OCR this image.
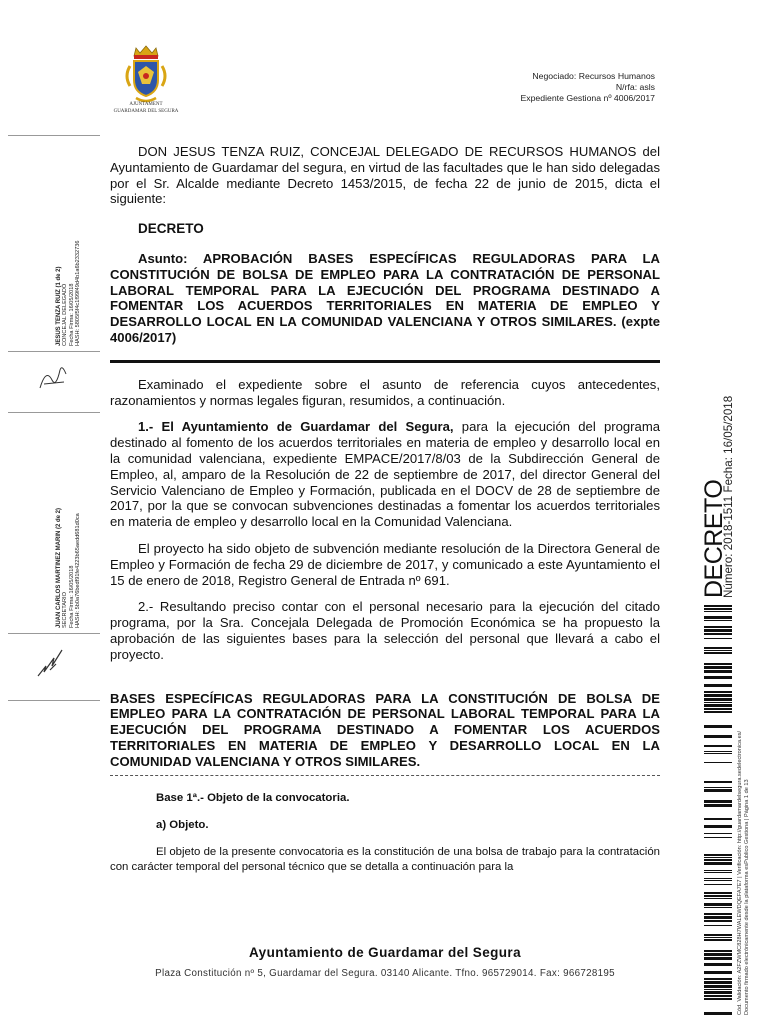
AJUNTAMENT
GUARDAMAR DEL SEGURA
Negociado: Recursos Humanos
N/rfa: asls
Expediente Gestiona nº 4006/2017

DON JESUS TENZA RUIZ, CONCEJAL DELEGADO DE RECURSOS HUMANOS del Ayuntamiento de Guardamar del segura, en virtud de las facultades que le han sido delegadas por el Sr. Alcalde mediante Decreto 1453/2015, de fecha 22 de junio de 2015, dicta el siguiente:

DECRETO

Asunto: APROBACIÓN BASES ESPECÍFICAS REGULADORAS PARA LA CONSTITUCIÓN DE BOLSA DE EMPLEO PARA LA CONTRATACIÓN DE PERSONAL LABORAL TEMPORAL PARA LA EJECUCIÓN DEL PROGRAMA DESTINADO A FOMENTAR LOS ACUERDOS TERRITORIALES EN MATERIA DE EMPLEO Y DESARROLLO LOCAL EN LA COMUNIDAD VALENCIANA Y OTROS SIMILARES. (expte 4006/2017)

Examinado el expediente sobre el asunto de referencia cuyos antecedentes, razonamientos y normas legales figuran, resumidos, a continuación.

1.- El Ayuntamiento de Guardamar del Segura, para la ejecución del programa destinado al fomento de los acuerdos territoriales en materia de empleo y desarrollo local en la comunidad valenciana, expediente EMPACE/2017/8/03 de la Subdirección General de Empleo, al, amparo de la Resolución de 22 de septiembre de 2017, del director General del Servicio Valenciano de Empleo y Formación, publicada en el DOCV de 28 de septiembre de 2017, por la que se convocan subvenciones destinadas a fomentar los acuerdos territoriales en materia de empleo y desarrollo local en la Comunidad Valenciana.

El proyecto ha sido objeto de subvención mediante resolución de la Directora General de Empleo y Formación de fecha 29 de diciembre de 2017, y comunicado a este Ayuntamiento el 15 de enero de 2018, Registro General de Entrada nº 691.

2.- Resultando preciso contar con el personal necesario para la ejecución del citado programa, por la Sra. Concejala Delegada de Promoción Económica se ha propuesto la aprobación de las siguientes bases para la selección del personal que llevará a cabo el proyecto.

BASES ESPECÍFICAS REGULADORAS PARA LA CONSTITUCIÓN DE BOLSA DE EMPLEO PARA LA CONTRATACIÓN DE PERSONAL LABORAL TEMPORAL PARA LA EJECUCIÓN DEL PROGRAMA DESTINADO A FOMENTAR LOS ACUERDOS TERRITORIALES EN MATERIA DE EMPLEO Y DESARROLLO LOCAL EN LA COMUNIDAD VALENCIANA Y OTROS SIMILARES.

Base 1ª.- Objeto de la convocatoria.

a) Objeto.

El objeto de la presente convocatoria es la constitución de una bolsa de trabajo para la contratación con carácter temporal del personal técnico que se detalla a continuación para la

Ayuntamiento de Guardamar del Segura
Plaza Constitución nº 5, Guardamar del Segura. 03140 Alicante. Tfno. 965729014. Fax: 966728195
JESUS TENZA RUIZ (1 de 2) CONCEJAL DELEGADO Fecha Firma: 16/05/2018 HASH: 5805f5f4c1f99f49d4b1a6b2332736
JUAN CARLOS MARTINEZ MARIN (2 de 2) SECRETARIO Fecha Firma: 16/05/2018 HASH: 5b0a76bedf91fe4223b65aedd681d0ca	DECRETO
Número: 2018-1511 Fecha: 16/05/2018
Cód. Validación: A2FZWMC828H7WALEWDQEFA7E7 | Verificación: http://guardamardelsegura.sedelectronica.es/ Documento firmado electrónicamente desde la plataforma esPublico Gestiona | Página 1 de 13
